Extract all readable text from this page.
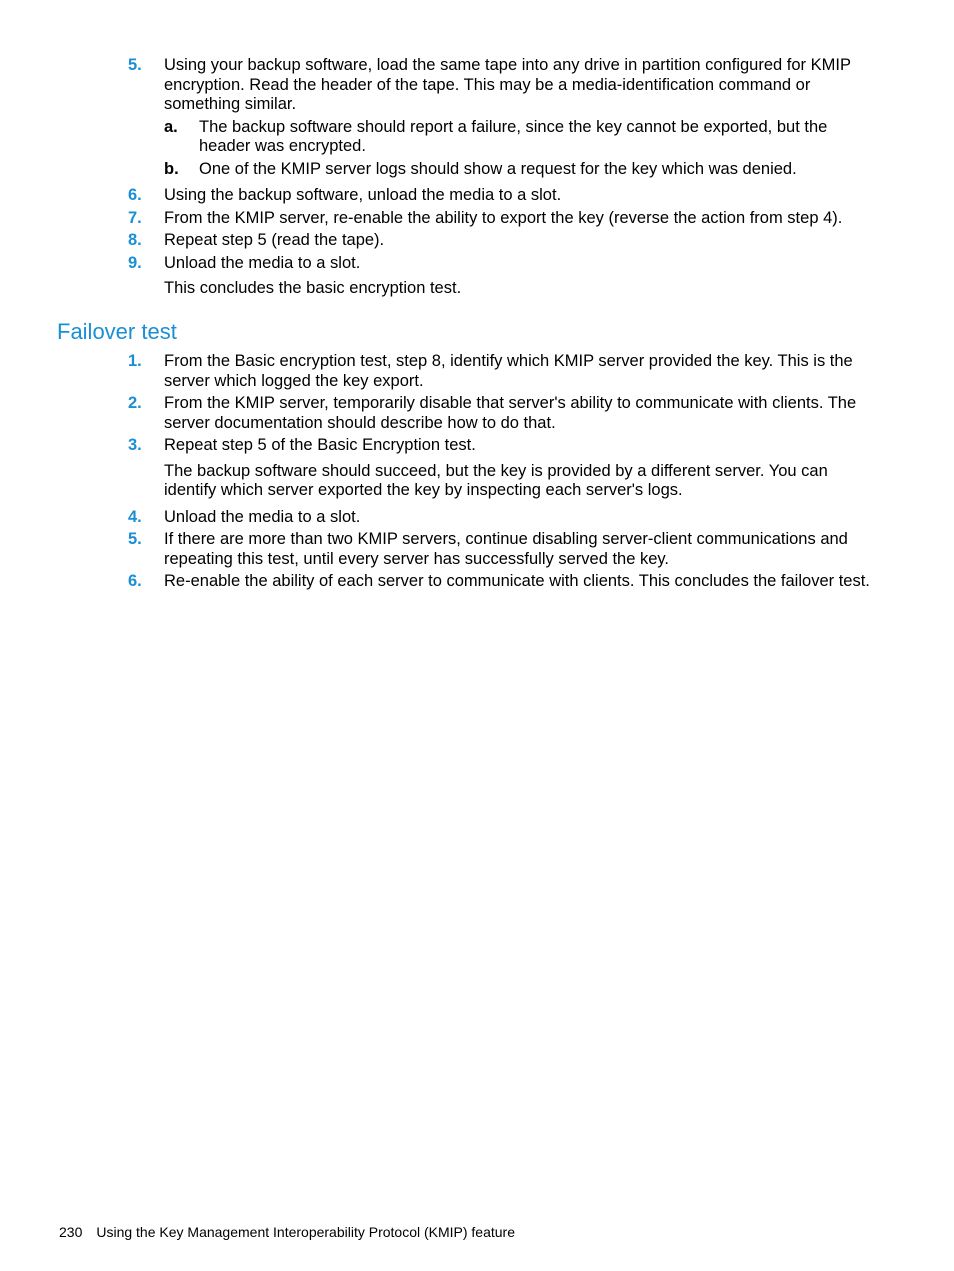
5. Using your backup software, load the same tape into any drive in partition configured for KMIP encryption. Read the header of the tape. This may be a media-identification command or something similar.
a. The backup software should report a failure, since the key cannot be exported, but the header was encrypted.
b. One of the KMIP server logs should show a request for the key which was denied.
6. Using the backup software, unload the media to a slot.
7. From the KMIP server, re-enable the ability to export the key (reverse the action from step 4).
8. Repeat step 5 (read the tape).
9. Unload the media to a slot.
This concludes the basic encryption test.
Failover test
1. From the Basic encryption test, step 8, identify which KMIP server provided the key. This is the server which logged the key export.
2. From the KMIP server, temporarily disable that server's ability to communicate with clients. The server documentation should describe how to do that.
3. Repeat step 5 of the Basic Encryption test.
The backup software should succeed, but the key is provided by a different server. You can identify which server exported the key by inspecting each server's logs.
4. Unload the media to a slot.
5. If there are more than two KMIP servers, continue disabling server-client communications and repeating this test, until every server has successfully served the key.
6. Re-enable the ability of each server to communicate with clients. This concludes the failover test.
230 Using the Key Management Interoperability Protocol (KMIP) feature
